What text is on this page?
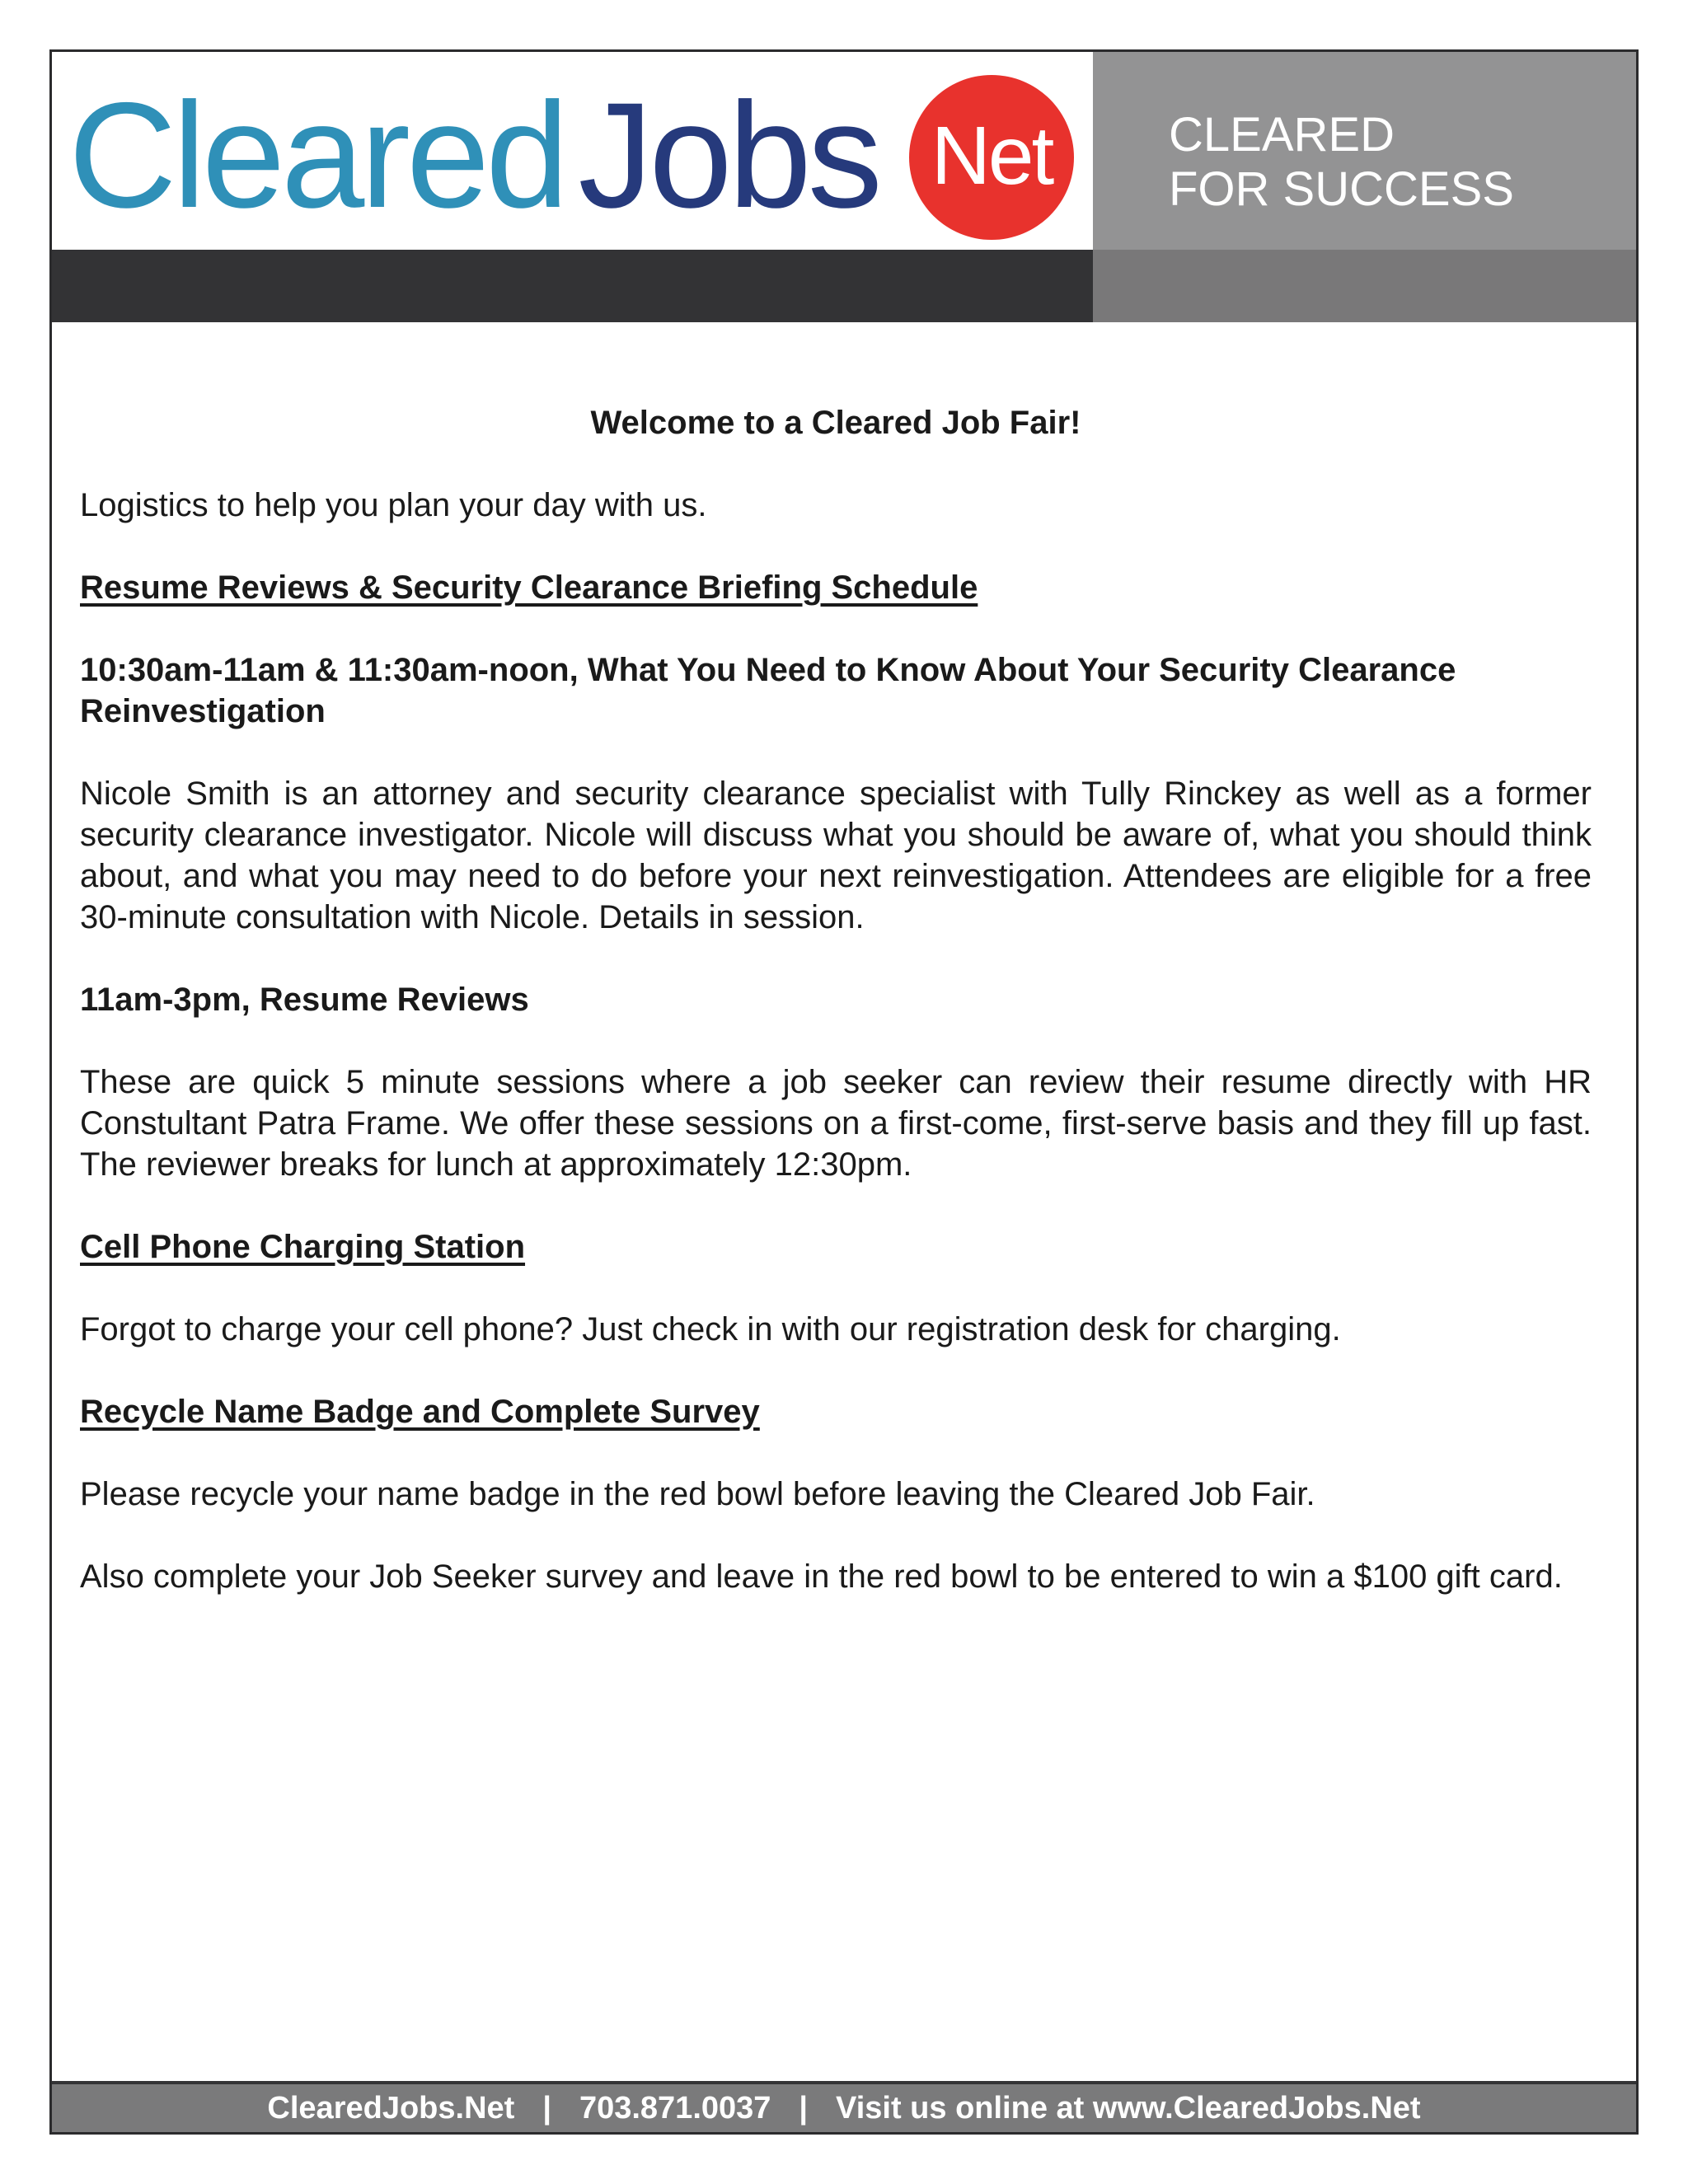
ClearedJobs Net CLEARED
FOR SUCCESS

Welcome to a Cleared Job Fair!

Logistics to help you plan your day with us.

Resume Reviews & Security Clearance Briefing Schedule

10:30am-11am & 11:30am-noon, What You Need to Know About Your Security Clearance Reinvestigation

Nicole Smith is an attorney and security clearance specialist with Tully Rinckey as well as a former security clearance investigator. Nicole will discuss what you should be aware of, what you should think about, and what you may need to do before your next reinvestigation. Attendees are eligible for a free 30-minute consultation with Nicole. Details in session.

11am-3pm, Resume Reviews

These are quick 5 minute sessions where a job seeker can review their resume directly with HR Constultant Patra Frame. We offer these sessions on a first-come, first-serve basis and they fill up fast. The reviewer breaks for lunch at approximately 12:30pm.

Cell Phone Charging Station

Forgot to charge your cell phone? Just check in with our registration desk for charging.

Recycle Name Badge and Complete Survey

Please recycle your name badge in the red bowl before leaving the Cleared Job Fair.

Also complete your Job Seeker survey and leave in the red bowl to be entered to win a $100 gift card.

ClearedJobs.Net | 703.871.0037 | Visit us online at www.ClearedJobs.Net
